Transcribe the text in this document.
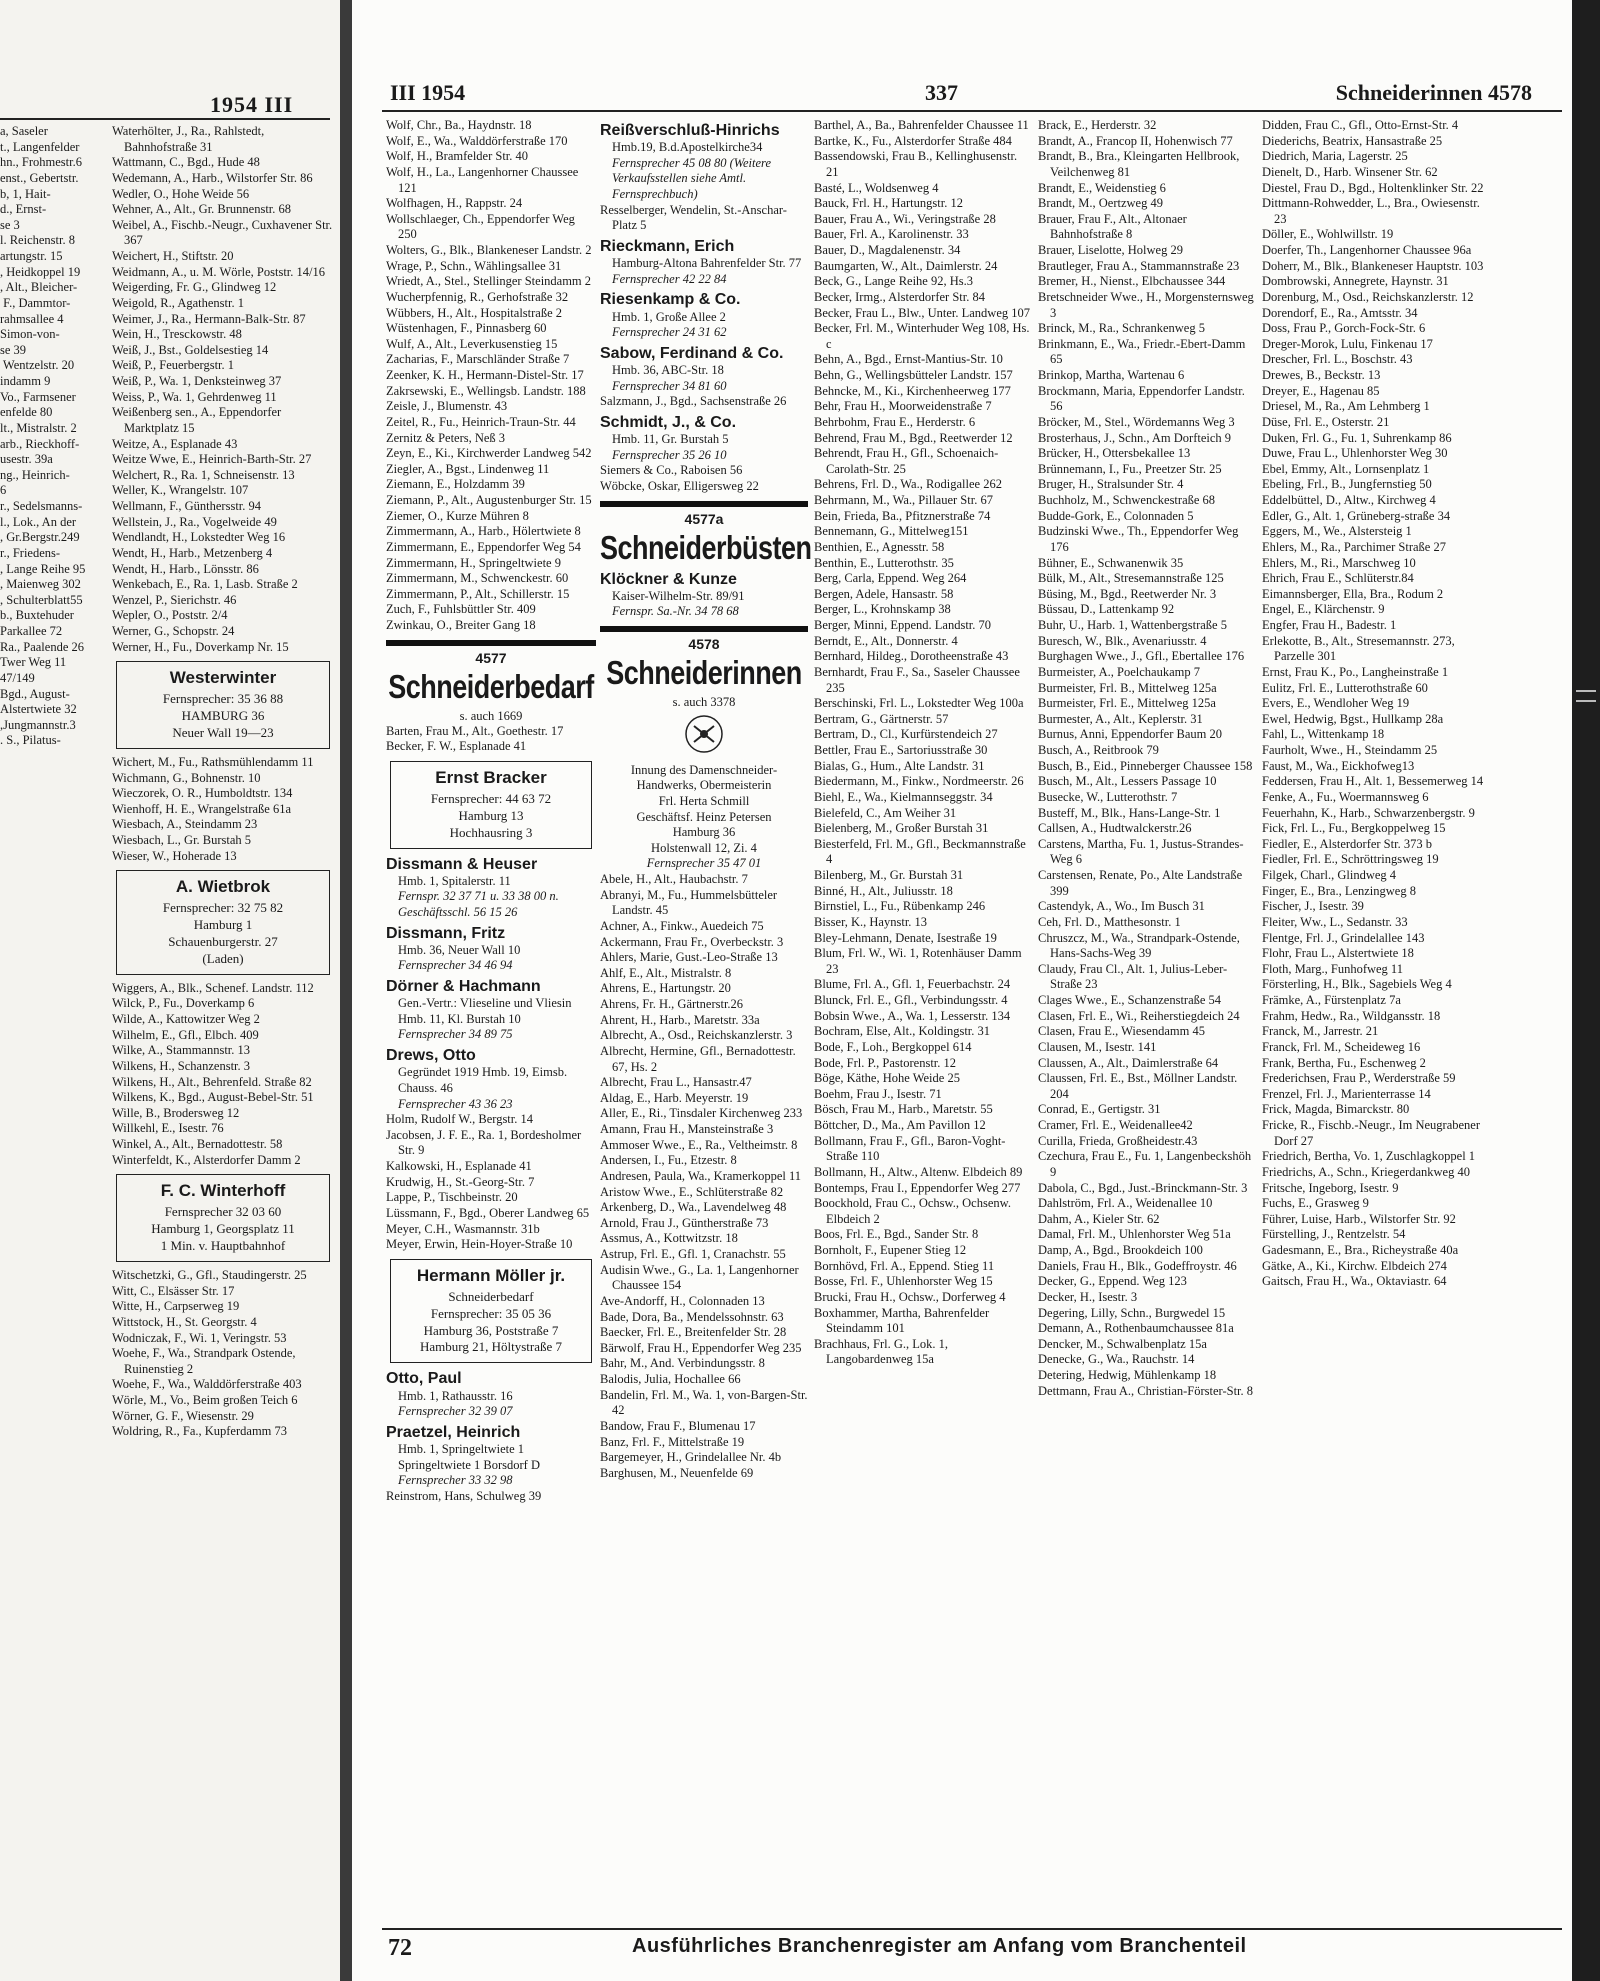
1954 III
a, Saseler
t., Langenfelder
hn., Frohmestr.6
enst., Gebertstr.
b, 1, Hait-
d., Ernst-
se 3
l. Reichenstr. 8
artungstr. 15
, Heidkoppel 19
, Alt., Bleicher-
F., Dammtor-
rahmsallee 4
Simon-von-
se 39
Wentzelstr. 20
indamm 9
Vo., Farmsener
enfelde 80
lt., Mistralstr. 2
arb., Rieckhoff-
usestr. 39a
ng., Heinrich-
6
r., Sedelsmanns-
l., Lok., An der
, Gr.Bergstr.249
r., Friedens-
, Lange Reihe 95
, Maienweg 302
, Schulterblatt55
b., Buxtehuder
Parkallee 72
Ra., Paalende 26
Twer Weg 11
47/149
Bgd., August-
Alstertwiete 32
,Jungmannstr.3
. S., Pilatus-
Waterhölter, J., Ra., Rahlstedt, Bahnhofstraße 31
Wattmann, C., Bgd., Hude 48
Wedemann, A., Harb., Wilstorfer Str. 86
Wedler, O., Hohe Weide 56
Wehner, A., Alt., Gr. Brunnenstr. 68
Weibel, A., Fischb.-Neugr., Cuxhavener Str. 367
Weichert, H., Stiftstr. 20
Weidmann, A., u. M. Wörle, Poststr. 14/16
Weigerding, Fr. G., Glindweg 12
Weigold, R., Agathenstr. 1
Weimer, J., Ra., Hermann-Balk-Str. 87
Wein, H., Tresckowstr. 48
Weiß, J., Bst., Goldelsestieg 14
Weiß, P., Feuerbergstr. 1
Weiß, P., Wa. 1, Denksteinweg 37
Weiss, P., Wa. 1, Gehrdenweg 11
Weißenberg sen., A., Eppendorfer Marktplatz 15
Weitze, A., Esplanade 43
Weitze Wwe, E., Heinrich-Barth-Str. 27
Welchert, R., Ra. 1, Schneisenstr. 13
Weller, K., Wrangelstr. 107
Wellmann, F., Günthersstr. 94
Wellstein, J., Ra., Vogelweide 49
Wendlandt, H., Lokstedter Weg 16
Wendt, H., Harb., Metzenberg 4
Wendt, H., Harb., Lönsstr. 86
Wenkebach, E., Ra. 1, Lasb. Straße 2
Wenzel, P., Sierichstr. 46
Wepler, O., Poststr. 2/4
Werner, G., Schopstr. 24
Werner, H., Fu., Doverkamp Nr. 15
Westerwinter
Fernsprecher: 35 36 88
HAMBURG 36
Neuer Wall 19—23
Wichert, M., Fu., Rathsmühlendamm 11
Wichmann, G., Bohnenstr. 10
Wieczorek, O. R., Humboldtstr. 134
Wienhoff, H. E., Wrangelstraße 61a
Wiesbach, A., Steindamm 23
Wiesbach, L., Gr. Burstah 5
Wieser, W., Hoherade 13
A. Wietbrok
Fernsprecher: 32 75 82
Hamburg 1
Schauenburgerstr. 27
(Laden)
Wiggers, A., Blk., Schenef. Landstr. 112
Wilck, P., Fu., Doverkamp 6
Wilde, A., Kattowitzer Weg 2
Wilhelm, E., Gfl., Elbch. 409
Wilke, A., Stammannstr. 13
Wilkens, H., Schanzenstr. 3
Wilkens, H., Alt., Behrenfeld. Straße 82
Wilkens, K., Bgd., August-Bebel-Str. 51
Wille, B., Brodersweg 12
Willkehl, E., Isestr. 76
Winkel, A., Alt., Bernadottestr. 58
Winterfeldt, K., Alsterdorfer Damm 2
F. C. Winterhoff
Fernsprecher 32 03 60
Hamburg 1, Georgsplatz 11
1 Min. v. Hauptbahnhof
Witschetzki, G., Gfl., Staudingerstr. 25
Witt, C., Elsässer Str. 17
Witte, H., Carpserweg 19
Wittstock, H., St. Georgstr. 4
Wodniczak, F., Wi. 1, Veringstr. 53
Woehe, F., Wa., Strandpark Ostende, Ruinenstieg 2
Woehe, F., Wa., Walddörferstraße 403
Wörle, M., Vo., Beim großen Teich 6
Wörner, G. F., Wiesenstr. 29
Woldring, R., Fa., Kupferdamm 73
III 1954	337	Schneiderinnen 4578
Wolf, Chr., Ba., Haydnstr. 18
Wolf, E., Wa., Walddörferstraße 170
Wolf, H., Bramfelder Str. 40
Wolf, H., La., Langenhorner Chaussee 121
Wolfhagen, H., Rappstr. 24
Wollschlaeger, Ch., Eppendorfer Weg 250
Wolters, G., Blk., Blankeneser Landstr. 2
Wrage, P., Schn., Wählingsallee 31
Wriedt, A., Stel., Stellinger Steindamm 2
Wucherpfennig, R., Gerhofstraße 32
Wübbers, H., Alt., Hospitalstraße 2
Wüstenhagen, F., Pinnasberg 60
Wulf, A., Alt., Leverkusenstieg 15
Zacharias, F., Marschländer Straße 7
Zeenker, K. H., Hermann-Distel-Str. 17
Zakrsewski, E., Wellingsb. Landstr. 188
Zeisle, J., Blumenstr. 43
Zeitel, R., Fu., Heinrich-Traun-Str. 44
Zernitz & Peters, Neß 3
Zeyn, E., Ki., Kirchwerder Landweg 542
Ziegler, A., Bgst., Lindenweg 11
Ziemann, E., Holzdamm 39
Ziemann, P., Alt., Augustenburger Str. 15
Ziemer, O., Kurze Mühren 8
Zimmermann, A., Harb., Hölertwiete 8
Zimmermann, E., Eppendorfer Weg 54
Zimmermann, H., Springeltwiete 9
Zimmermann, M., Schwenckestr. 60
Zimmermann, P., Alt., Schillerstr. 15
Zuch, F., Fuhlsbüttler Str. 409
Zwinkau, O., Breiter Gang 18
4577
Schneiderbedarf
s. auch 1669
Barten, Frau M., Alt., Goethestr. 17
Becker, F. W., Esplanade 41
Ernst Bracker
Fernsprecher: 44 63 72
Hamburg 13
Hochhausring 3
Dissmann & Heuser
Hmb. 1, Spitalerstr. 11
Fernspr. 32 37 71 u. 33 38 00 n. Geschäftsschl. 56 15 26
Dissmann, Fritz
Hmb. 36, Neuer Wall 10
Fernsprecher 34 46 94
Dörner & Hachmann
Gen.-Vertr.: Vlieseline und Vliesin Hmb. 11, Kl. Burstah 10
Fernsprecher 34 89 75
Drews, Otto
Gegründet 1919 Hmb. 19, Eimsb. Chauss. 46
Fernsprecher 43 36 23
Holm, Rudolf W., Bergstr. 14
Jacobsen, J. F. E., Ra. 1, Bordesholmer Str. 9
Kalkowski, H., Esplanade 41
Krudwig, H., St.-Georg-Str. 7
Lappe, P., Tischbeinstr. 20
Lüssmann, F., Bgd., Oberer Landweg 65
Meyer, C.H., Wasmannstr. 31b
Meyer, Erwin, Hein-Hoyer-Straße 10
Hermann Möller jr.
Schneiderbedarf
Fernsprecher: 35 05 36
Hamburg 36, Poststraße 7
Hamburg 21, Höltystraße 7
Otto, Paul
Hmb. 1, Rathausstr. 16
Fernsprecher 32 39 07
Praetzel, Heinrich
Hmb. 1, Springeltwiete 1 Springeltwiete 1 Borsdorf D
Fernsprecher 33 32 98
Reinstrom, Hans, Schulweg 39
Reißverschluß-Hinrichs
Hmb.19, B.d.Apostelkirche34
Fernsprecher 45 08 80 (Weitere Verkaufsstellen siehe Amtl. Fernsprechbuch)
Resselberger, Wendelin, St.-Anschar-Platz 5
Rieckmann, Erich
Hamburg-Altona Bahrenfelder Str. 77
Fernsprecher 42 22 84
Riesenkamp & Co.
Hmb. 1, Große Allee 2
Fernsprecher 24 31 62
Sabow, Ferdinand & Co.
Hmb. 36, ABC-Str. 18
Fernsprecher 34 81 60
Salzmann, J., Bgd., Sachsenstraße 26
Schmidt, J., & Co.
Hmb. 11, Gr. Burstah 5
Fernsprecher 35 26 10
Siemers & Co., Raboisen 56
Wöbcke, Oskar, Elligersweg 22
4577a
Schneiderbüsten
Klöckner & Kunze
Kaiser-Wilhelm-Str. 89/91
Fernspr. Sa.-Nr. 34 78 68
4578
Schneiderinnen
s. auch 3378
Innung des Damenschneider-
Handwerks, Obermeisterin
Frl. Herta Schmill
Geschäftsf. Heinz Petersen
Hamburg 36
Holstenwall 12, Zi. 4
Fernsprecher 35 47 01
Abele, H., Alt., Haubachstr. 7
Abranyi, M., Fu., Hummelsbütteler Landstr. 45
Achner, A., Finkw., Auedeich 75
Ackermann, Frau Fr., Overbeckstr. 3
Ahlers, Marie, Gust.-Leo-Straße 13
Ahlf, E., Alt., Mistralstr. 8
Ahrens, E., Hartungstr. 20
Ahrens, Fr. H., Gärtnerstr.26
Ahrent, H., Harb., Maretstr. 33a
Albrecht, A., Osd., Reichskanzlerstr. 3
Albrecht, Hermine, Gfl., Bernadottestr. 67, Hs. 2
Albrecht, Frau L., Hansastr.47
Aldag, E., Harb. Meyerstr. 19
Aller, E., Ri., Tinsdaler Kirchenweg 233
Amann, Frau H., Mansteinstraße 3
Ammoser Wwe., E., Ra., Veltheimstr. 8
Andersen, I., Fu., Etzestr. 8
Andresen, Paula, Wa., Kramerkoppel 11
Aristow Wwe., E., Schlüterstraße 82
Arkenberg, D., Wa., Lavendelweg 48
Arnold, Frau J., Güntherstraße 73
Assmus, A., Kottwitzstr. 18
Astrup, Frl. E., Gfl. 1, Cranachstr. 55
Audisin Wwe., G., La. 1, Langenhorner Chaussee 154
Ave-Andorff, H., Colonnaden 13
Bade, Dora, Ba., Mendelssohnstr. 63
Baecker, Frl. E., Breitenfelder Str. 28
Bärwolf, Frau H., Eppendorfer Weg 235
Bahr, M., And. Verbindungsstr. 8
Balodis, Julia, Hochallee 66
Bandelin, Frl. M., Wa. 1, von-Bargen-Str. 42
Bandow, Frau F., Blumenau 17
Banz, Frl. F., Mittelstraße 19
Bargemeyer, H., Grindelallee Nr. 4b
Barghusen, M., Neuenfelde 69
Barthel, A., Ba., Bahrenfelder Chaussee 11
Bartke, K., Fu., Alsterdorfer Straße 484
Bassendowski, Frau B., Kellinghusenstr. 21
Basté, L., Woldsenweg 4
Bauck, Frl. H., Hartungstr. 12
Bauer, Frau A., Wi., Veringstraße 28
Bauer, Frl. A., Karolinenstr. 33
Bauer, D., Magdalenenstr. 34
Baumgarten, W., Alt., Daimlerstr. 24
Beck, G., Lange Reihe 92, Hs.3
Becker, Irmg., Alsterdorfer Str. 84
Becker, Frau L., Blw., Unter. Landweg 107
Becker, Frl. M., Winterhuder Weg 108, Hs. c
Behn, A., Bgd., Ernst-Mantius-Str. 10
Behn, G., Wellingsbütteler Landstr. 157
Behncke, M., Ki., Kirchenheerweg 177
Behr, Frau H., Moorweidenstraße 7
Behrbohm, Frau E., Herderstr. 6
Behrend, Frau M., Bgd., Reetwerder 12
Behrendt, Frau H., Gfl., Schoenaich-Carolath-Str. 25
Behrens, Frl. D., Wa., Rodigallee 262
Behrmann, M., Wa., Pillauer Str. 67
Bein, Frieda, Ba., Pfitznerstraße 74
Bennemann, G., Mittelweg151
Benthien, E., Agnesstr. 58
Benthin, E., Lutterothstr. 35
Berg, Carla, Eppend. Weg 264
Bergen, Adele, Hansastr. 58
Berger, L., Krohnskamp 38
Berger, Minni, Eppend. Landstr. 70
Berndt, E., Alt., Donnerstr. 4
Bernhard, Hildeg., Dorotheenstraße 43
Bernhardt, Frau F., Sa., Saseler Chaussee 235
Berschinski, Frl. L., Lokstedter Weg 100a
Bertram, G., Gärtnerstr. 57
Bertram, D., Cl., Kurfürstendeich 27
Bettler, Frau E., Sartoriusstraße 30
Bialas, G., Hum., Alte Landstr. 31
Biedermann, M., Finkw., Nordmeerstr. 26
Biehl, E., Wa., Kielmannseggstr. 34
Bielefeld, C., Am Weiher 31
Bielenberg, M., Großer Burstah 31
Biesterfeld, Frl. M., Gfl., Beckmannstraße 4
Bilenberg, M., Gr. Burstah 31
Binné, H., Alt., Juliusstr. 18
Birnstiel, L., Fu., Rübenkamp 246
Bisser, K., Haynstr. 13
Bley-Lehmann, Denate, Isestraße 19
Blum, Frl. W., Wi. 1, Rotenhäuser Damm 23
Blume, Frl. A., Gfl. 1, Feuerbachstr. 24
Blunck, Frl. E., Gfl., Verbindungsstr. 4
Bobsin Wwe., A., Wa. 1, Lesserstr. 134
Bochram, Else, Alt., Koldingstr. 31
Bode, F., Loh., Bergkoppel 614
Bode, Frl. P., Pastorenstr. 12
Böge, Käthe, Hohe Weide 25
Boehm, Frau J., Isestr. 71
Bösch, Frau M., Harb., Maretstr. 55
Böttcher, D., Ma., Am Pavillon 12
Bollmann, Frau F., Gfl., Baron-Voght-Straße 110
Bollmann, H., Altw., Altenw. Elbdeich 89
Bontemps, Frau I., Eppendorfer Weg 277
Boockhold, Frau C., Ochsw., Ochsenw. Elbdeich 2
Boos, Frl. E., Bgd., Sander Str. 8
Bornholt, F., Eupener Stieg 12
Bornhövd, Frl. A., Eppend. Stieg 11
Bosse, Frl. F., Uhlenhorster Weg 15
Brucki, Frau H., Ochsw., Dorferweg 4
Boxhammer, Martha, Bahrenfelder Steindamm 101
Brachhaus, Frl. G., Lok. 1, Langobardenweg 15a
Brack, E., Herderstr. 32
Brandt, A., Francop II, Hohenwisch 77
Brandt, B., Bra., Kleingarten Hellbrook, Veilchenweg 81
Brandt, E., Weidenstieg 6
Brandt, M., Oertzweg 49
Brauer, Frau F., Alt., Altonaer Bahnhofstraße 8
Brauer, Liselotte, Holweg 29
Brautleger, Frau A., Stammannstraße 23
Bremer, H., Nienst., Elbchaussee 344
Bretschneider Wwe., H., Morgensternsweg 3
Brinck, M., Ra., Schrankenweg 5
Brinkmann, E., Wa., Friedr.-Ebert-Damm 65
Brinkop, Martha, Wartenau 6
Brockmann, Maria, Eppendorfer Landstr. 56
Bröcker, M., Stel., Wördemanns Weg 3
Brosterhaus, J., Schn., Am Dorfteich 9
Brücker, H., Ottersbekallee 13
Brünnemann, I., Fu., Preetzer Str. 25
Bruger, H., Stralsunder Str. 4
Buchholz, M., Schwenckestraße 68
Budde-Gork, E., Colonnaden 5
Budzinski Wwe., Th., Eppendorfer Weg 176
Bühner, E., Schwanenwik 35
Bülk, M., Alt., Stresemannstraße 125
Büsing, M., Bgd., Reetwerder Nr. 3
Büssau, D., Lattenkamp 92
Buhr, U., Harb. 1, Wattenbergstraße 5
Buresch, W., Blk., Avenariusstr. 4
Burghagen Wwe., J., Gfl., Ebertallee 176
Burmeister, A., Poelchaukamp 7
Burmeister, Frl. B., Mittelweg 125a
Burmeister, Frl. E., Mittelweg 125a
Burmester, A., Alt., Keplerstr. 31
Burnus, Anni, Eppendorfer Baum 20
Busch, A., Reitbrook 79
Busch, B., Eid., Pinneberger Chaussee 158
Busch, M., Alt., Lessers Passage 10
Busecke, W., Lutterothstr. 7
Busteff, M., Blk., Hans-Lange-Str. 1
Callsen, A., Hudtwalckerstr.26
Carstens, Martha, Fu. 1, Justus-Strandes-Weg 6
Carstensen, Renate, Po., Alte Landstraße 399
Castendyk, A., Wo., Im Busch 31
Ceh, Frl. D., Matthesonstr. 1
Chruszcz, M., Wa., Strandpark-Ostende, Hans-Sachs-Weg 39
Claudy, Frau Cl., Alt. 1, Julius-Leber-Straße 23
Clages Wwe., E., Schanzenstraße 54
Clasen, Frl. E., Wi., Reiherstiegdeich 24
Clasen, Frau E., Wiesendamm 45
Clausen, M., Isestr. 141
Claussen, A., Alt., Daimlerstraße 64
Claussen, Frl. E., Bst., Möllner Landstr. 204
Conrad, E., Gertigstr. 31
Cramer, Frl. E., Weidenallee42
Curilla, Frieda, Großheidestr.43
Czechura, Frau E., Fu. 1, Langenbeckshöh 9
Dabola, C., Bgd., Just.-Brinckmann-Str. 3
Dahlström, Frl. A., Weidenallee 10
Dahm, A., Kieler Str. 62
Damal, Frl. M., Uhlenhorster Weg 51a
Damp, A., Bgd., Brookdeich 100
Daniels, Frau H., Blk., Godeffroystr. 46
Decker, G., Eppend. Weg 123
Decker, H., Isestr. 3
Degering, Lilly, Schn., Burgwedel 15
Demann, A., Rothenbaumchaussee 81a
Dencker, M., Schwalbenplatz 15a
Denecke, G., Wa., Rauchstr. 14
Detering, Hedwig, Mühlenkamp 18
Dettmann, Frau A., Christian-Förster-Str. 8
Didden, Frau C., Gfl., Otto-Ernst-Str. 4
Diederichs, Beatrix, Hansastraße 25
Diedrich, Maria, Lagerstr. 25
Dienelt, D., Harb. Winsener Str. 62
Diestel, Frau D., Bgd., Holtenklinker Str. 22
Dittmann-Rohwedder, L., Bra., Owiesenstr. 23
Döller, E., Wohlwillstr. 19
Doerfer, Th., Langenhorner Chaussee 96a
Doherr, M., Blk., Blankeneser Hauptstr. 103
Dombrowski, Annegrete, Haynstr. 31
Dorenburg, M., Osd., Reichskanzlerstr. 12
Dorendorf, E., Ra., Amtsstr. 34
Doss, Frau P., Gorch-Fock-Str. 6
Dreger-Morok, Lulu, Finkenau 17
Drescher, Frl. L., Boschstr. 43
Drewes, B., Beckstr. 13
Dreyer, E., Hagenau 85
Driesel, M., Ra., Am Lehmberg 1
Düse, Frl. E., Osterstr. 21
Duken, Frl. G., Fu. 1, Suhrenkamp 86
Duwe, Frau L., Uhlenhorster Weg 30
Ebel, Emmy, Alt., Lornsenplatz 1
Ebeling, Frl., B., Jungfernstieg 50
Eddelbüttel, D., Altw., Kirchweg 4
Edler, G., Alt. 1, Grüneberg-straße 34
Eggers, M., We., Alstersteig 1
Ehlers, M., Ra., Parchimer Straße 27
Ehlers, M., Ri., Marschweg 10
Ehrich, Frau E., Schlüterstr.84
Eimannsberger, Ella, Bra., Rodum 2
Engel, E., Klärchenstr. 9
Engfer, Frau H., Badestr. 1
Erlekotte, B., Alt., Stresemannstr. 273, Parzelle 301
Ernst, Frau K., Po., Langheinstraße 1
Eulitz, Frl. E., Lutterothstraße 60
Evers, E., Wendloher Weg 19
Ewel, Hedwig, Bgst., Hullkamp 28a
Fahl, L., Wittenkamp 18
Faurholt, Wwe., H., Steindamm 25
Faust, M., Wa., Eickhofweg13
Feddersen, Frau H., Alt. 1, Bessemerweg 14
Fenke, A., Fu., Woermannsweg 6
Feuerhahn, K., Harb., Schwarzenbergstr. 9
Fick, Frl. L., Fu., Bergkoppelweg 15
Fiedler, E., Alsterdorfer Str. 373 b
Fiedler, Frl. E., Schröttringsweg 19
Filgek, Charl., Glindweg 4
Finger, E., Bra., Lenzingweg 8
Fischer, J., Isestr. 39
Fleiter, Ww., L., Sedanstr. 33
Flentge, Frl. J., Grindelallee 143
Flohr, Frau L., Alstertwiete 18
Floth, Marg., Funhofweg 11
Försterling, H., Blk., Sagebiels Weg 4
Främke, A., Fürstenplatz 7a
Frahm, Hedw., Ra., Wildgansstr. 18
Franck, M., Jarrestr. 21
Franck, Frl. M., Scheideweg 16
Frank, Bertha, Fu., Eschenweg 2
Frederichsen, Frau P., Werderstraße 59
Frenzel, Frl. J., Marienterrasse 14
Frick, Magda, Bimarckstr. 80
Fricke, R., Fischb.-Neugr., Im Neugrabener Dorf 27
Friedrich, Bertha, Vo. 1, Zuschlagkoppel 1
Friedrichs, A., Schn., Kriegerdankweg 40
Fritsche, Ingeborg, Isestr. 9
Fuchs, E., Grasweg 9
Führer, Luise, Harb., Wilstorfer Str. 92
Fürstelling, J., Rentzelstr. 54
Gadesmann, E., Bra., Richeystraße 40a
Gätke, A., Ki., Kirchw. Elbdeich 274
Gaitsch, Frau H., Wa., Oktaviastr. 64
72	Ausführliches Branchenregister am Anfang vom Branchenteil
